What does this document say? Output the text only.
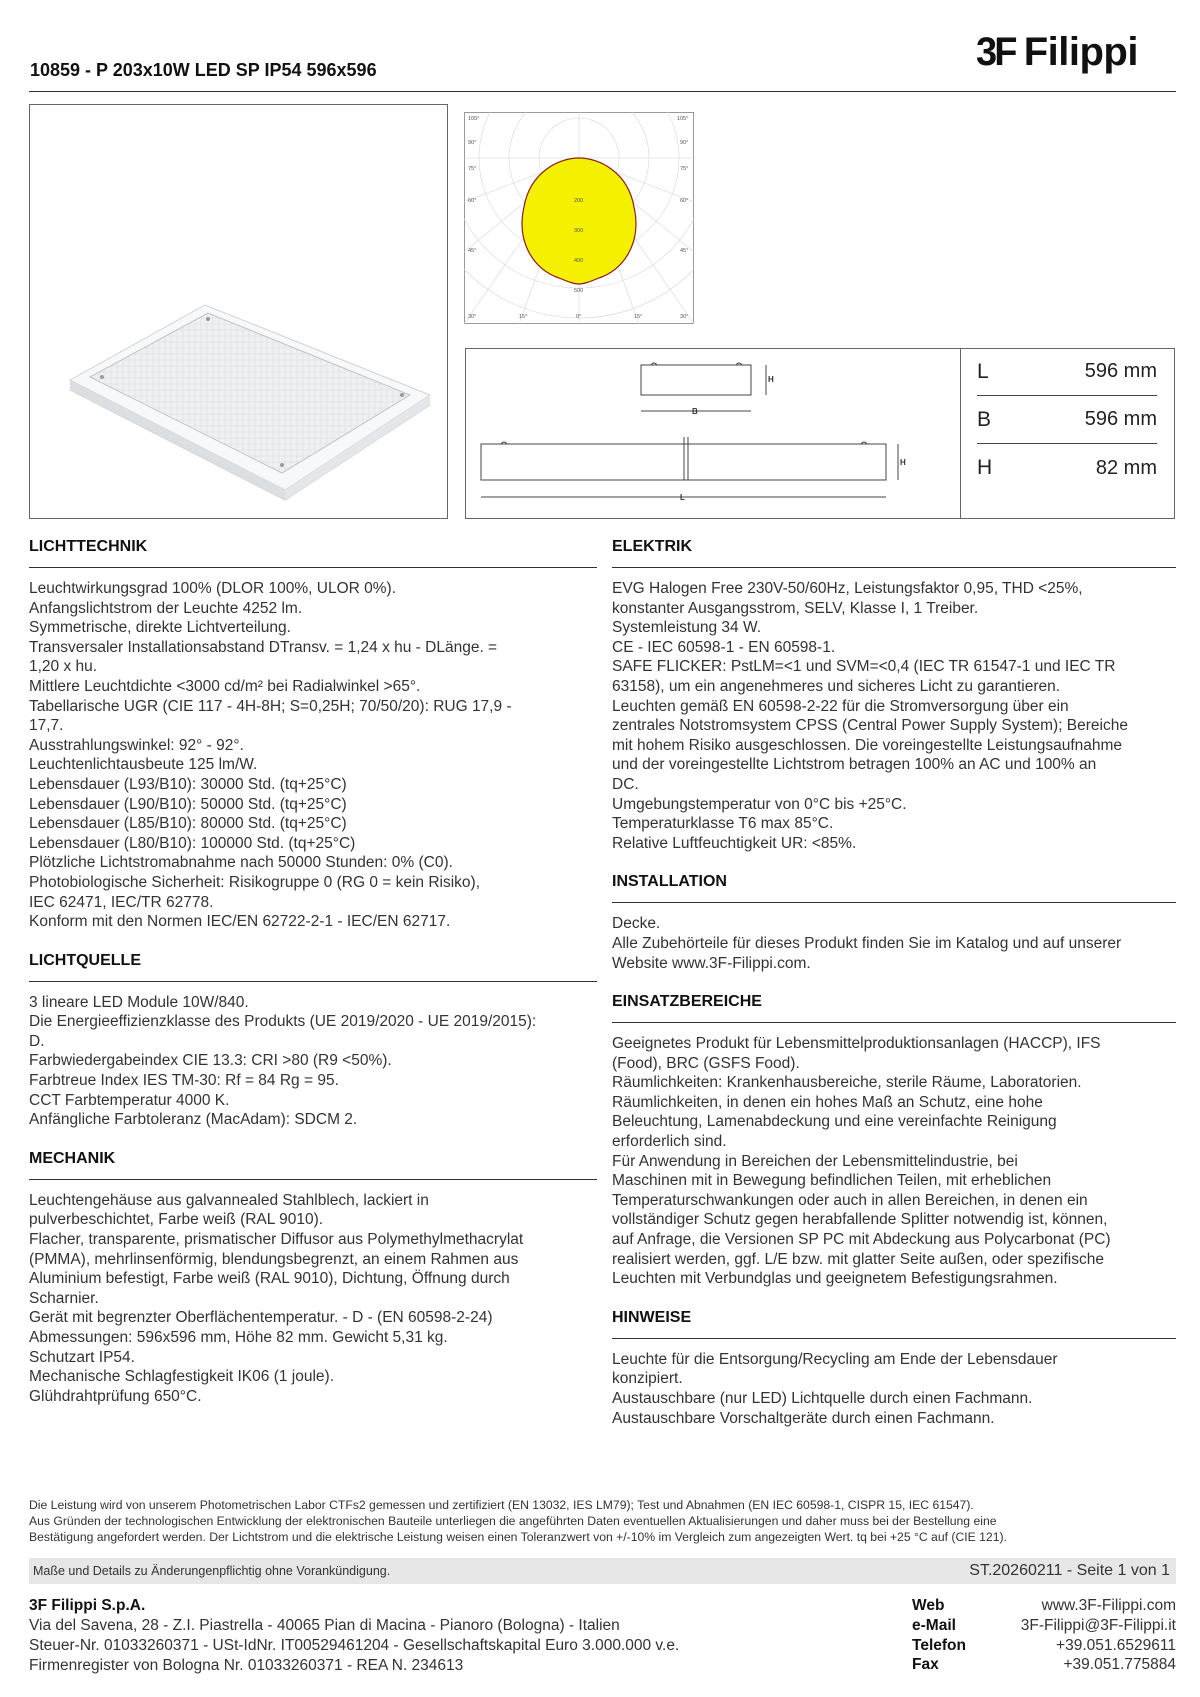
3F Filippi
10859 - P 203x10W LED SP IP54 596x596
105°	105°
90°	90°
75°	75°
60°	60°
45°	45°
30°	15°	0°	15°	30°
200
300
400
500
B
H
L
H
L	596 mm
B	596 mm
H	82 mm
LICHTTECHNIK
Leuchtwirkungsgrad 100% (DLOR 100%, ULOR 0%).
Anfangslichtstrom der Leuchte 4252 lm.
Symmetrische, direkte Lichtverteilung.
Transversaler Installationsabstand DTransv. = 1,24 x hu - DLänge. =
1,20 x hu.
Mittlere Leuchtdichte <3000 cd/m² bei Radialwinkel >65°.
Tabellarische UGR (CIE 117 - 4H-8H; S=0,25H; 70/50/20): RUG 17,9 -
17,7.
Ausstrahlungswinkel: 92° - 92°.
Leuchtenlichtausbeute 125 lm/W.
Lebensdauer (L93/B10): 30000 Std. (tq+25°C)
Lebensdauer (L90/B10): 50000 Std. (tq+25°C)
Lebensdauer (L85/B10): 80000 Std. (tq+25°C)
Lebensdauer (L80/B10): 100000 Std. (tq+25°C)
Plötzliche Lichtstromabnahme nach 50000 Stunden: 0% (C0).
Photobiologische Sicherheit: Risikogruppe 0 (RG 0 = kein Risiko),
IEC 62471, IEC/TR 62778.
Konform mit den Normen IEC/EN 62722-2-1 - IEC/EN 62717.
LICHTQUELLE
3 lineare LED Module 10W/840.
Die Energieeffizienzklasse des Produkts (UE 2019/2020 - UE 2019/2015):
D.
Farbwiedergabeindex CIE 13.3: CRI >80 (R9 <50%).
Farbtreue Index IES TM-30: Rf = 84 Rg = 95.
CCT Farbtemperatur 4000 K.
Anfängliche Farbtoleranz (MacAdam): SDCM 2.
MECHANIK
Leuchtengehäuse aus galvannealed Stahlblech, lackiert in
pulverbeschichtet, Farbe weiß (RAL 9010).
Flacher, transparente, prismatischer Diffusor aus Polymethylmethacrylat
(PMMA), mehrlinsenförmig, blendungsbegrenzt, an einem Rahmen aus
Aluminium befestigt, Farbe weiß (RAL 9010), Dichtung, Öffnung durch
Scharnier.
Gerät mit begrenzter Oberflächentemperatur. - D - (EN 60598-2-24)
Abmessungen: 596x596 mm, Höhe 82 mm. Gewicht 5,31 kg.
Schutzart IP54.
Mechanische Schlagfestigkeit IK06 (1 joule).
Glühdrahtprüfung 650°C.
ELEKTRIK
EVG Halogen Free 230V-50/60Hz, Leistungsfaktor 0,95, THD <25%,
konstanter Ausgangsstrom, SELV, Klasse I, 1 Treiber.
Systemleistung 34 W.
CE - IEC 60598-1 - EN 60598-1.
SAFE FLICKER: PstLM=<1 und SVM=<0,4 (IEC TR 61547-1 und IEC TR
63158), um ein angenehmeres und sicheres Licht zu garantieren.
Leuchten gemäß EN 60598-2-22 für die Stromversorgung über ein
zentrales Notstromsystem CPSS (Central Power Supply System); Bereiche
mit hohem Risiko ausgeschlossen. Die voreingestellte Leistungsaufnahme
und der voreingestellte Lichtstrom betragen 100% an AC und 100% an
DC.
Umgebungstemperatur von 0°C bis +25°C.
Temperaturklasse T6 max 85°C.
Relative Luftfeuchtigkeit UR: <85%.
INSTALLATION
Decke.
Alle Zubehörteile für dieses Produkt finden Sie im Katalog und auf unserer
Website www.3F-Filippi.com.
EINSATZBEREICHE
Geeignetes Produkt für Lebensmittelproduktionsanlagen (HACCP), IFS
(Food), BRC (GSFS Food).
Räumlichkeiten: Krankenhausbereiche, sterile Räume, Laboratorien.
Räumlichkeiten, in denen ein hohes Maß an Schutz, eine hohe
Beleuchtung, Lamenabdeckung und eine vereinfachte Reinigung
erforderlich sind.
Für Anwendung in Bereichen der Lebensmittelindustrie, bei
Maschinen mit in Bewegung befindlichen Teilen, mit erheblichen
Temperaturschwankungen oder auch in allen Bereichen, in denen ein
vollständiger Schutz gegen herabfallende Splitter notwendig ist, können,
auf Anfrage, die Versionen SP PC mit Abdeckung aus Polycarbonat (PC)
realisiert werden, ggf. L/E bzw. mit glatter Seite außen, oder spezifische
Leuchten mit Verbundglas und geeignetem Befestigungsrahmen.
HINWEISE
Leuchte für die Entsorgung/Recycling am Ende der Lebensdauer
konzipiert.
Austauschbare (nur LED) Lichtquelle durch einen Fachmann.
Austauschbare Vorschaltgeräte durch einen Fachmann.
Die Leistung wird von unserem Photometrischen Labor CTFs2 gemessen und zertifiziert (EN 13032, IES LM79); Test und Abnahmen (EN IEC 60598-1, CISPR 15, IEC 61547).
Aus Gründen der technologischen Entwicklung der elektronischen Bauteile unterliegen die angeführten Daten eventuellen Aktualisierungen und daher muss bei der Bestellung eine
Bestätigung angefordert werden. Der Lichtstrom und die elektrische Leistung weisen einen Toleranzwert von +/-10% im Vergleich zum angezeigten Wert. tq bei +25 °C auf (CIE 121).
Maße und Details zu Änderungenpflichtig ohne Vorankündigung.	ST.20260211 - Seite 1 von 1
3F Filippi S.p.A.
Via del Savena, 28 - Z.I. Piastrella - 40065 Pian di Macina - Pianoro (Bologna) - Italien
Steuer-Nr. 01033260371 - USt-IdNr. IT00529461204 - Gesellschaftskapital Euro 3.000.000 v.e.
Firmenregister von Bologna Nr. 01033260371 - REA N. 234613
Web	www.3F-Filippi.com
e-Mail	3F-Filippi@3F-Filippi.it
Telefon	+39.051.6529611
Fax	+39.051.775884
